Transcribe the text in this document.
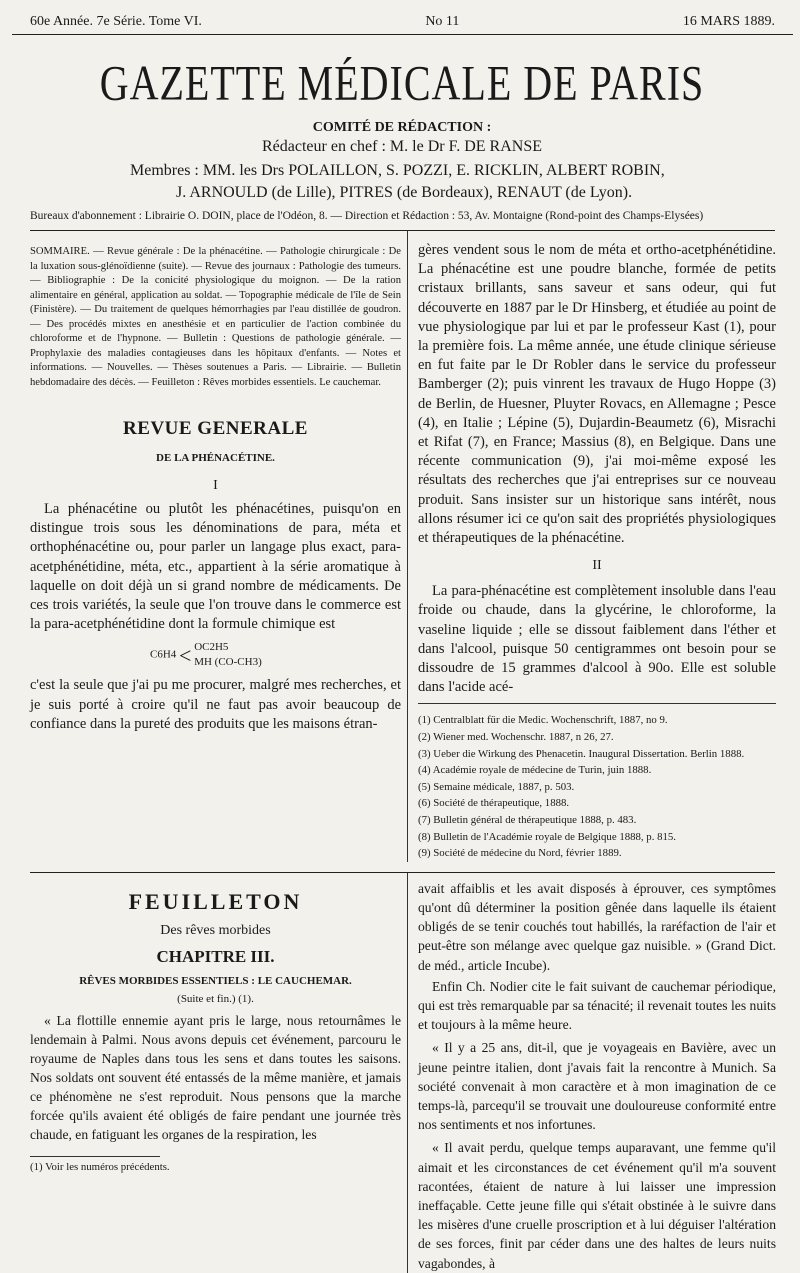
60e Année. 7e Série. Tome VI.	No 11	16 MARS 1889.
GAZETTE MÉDICALE DE PARIS
COMITÉ DE RÉDACTION :
Rédacteur en chef : M. le Dr F. DE RANSE
Membres : MM. les Drs POLAILLON, S. POZZI, E. RICKLIN, ALBERT ROBIN,
J. ARNOULD (de Lille), PITRES (de Bordeaux), RENAUT (de Lyon).
Bureaux d'abonnement : Librairie O. DOIN, place de l'Odéon, 8. — Direction et Rédaction : 53, Av. Montaigne (Rond-point des Champs-Elysées)

SOMMAIRE. — Revue générale : De la phénacétine. — Pathologie chirurgicale : De la luxation sous-glénoïdienne (suite). — Revue des journaux : Pathologie des tumeurs. — Bibliographie : De la conicité physiologique du moignon. — De la ration alimentaire en général, application au soldat. — Topographie médicale de l'île de Sein (Finistère). — Du traitement de quelques hémorrhagies par l'eau distillée de goudron. — Des procédés mixtes en anesthésie et en particulier de l'action combinée du chloroforme et de l'hypnone. — Bulletin : Questions de pathologie générale. — Prophylaxie des maladies contagieuses dans les hôpitaux d'enfants. — Notes et informations. — Nouvelles. — Thèses soutenues a Paris. — Librairie. — Bulletin hebdomadaire des décès. — Feuilleton : Rêves morbides essentiels. Le cauchemar.

REVUE GENERALE
DE LA PHÉNACÉTINE.
I

La phénacétine ou plutôt les phénacétines, puisqu'on en distingue trois sous les dénominations de para, méta et orthophénacétine ou, pour parler un langage plus exact, para-acetphénétidine, méta, etc., appartient à la série aromatique à laquelle on doit déjà un si grand nombre de médicaments. De ces trois variétés, la seule que l'on trouve dans le commerce est la para-acetphénétidine dont la formule chimique est

C6H4 < OC2H5
MH (CO-CH3)

c'est la seule que j'ai pu me procurer, malgré mes recherches, et je suis porté à croire qu'il ne faut pas avoir beaucoup de confiance dans la pureté des produits que les maisons étran-

gères vendent sous le nom de méta et ortho-acetphénétidine. La phénacétine est une poudre blanche, formée de petits cristaux brillants, sans saveur et sans odeur, qui fut découverte en 1887 par le Dr Hinsberg, et étudiée au point de vue physiologique par lui et par le professeur Kast (1), pour la première fois. La même année, une étude clinique sérieuse en fut faite par le Dr Robler dans le service du professeur Bamberger (2); puis vinrent les travaux de Hugo Hoppe (3) de Berlin, de Huesner, Pluyter Rovacs, en Allemagne ; Pesce (4), en Italie ; Lépine (5), Dujardin-Beaumetz (6), Misrachi et Rifat (7), en France; Massius (8), en Belgique. Dans une récente communication (9), j'ai moi-même exposé les résultats des recherches que j'ai entreprises sur ce nouveau produit. Sans insister sur un historique sans intérêt, nous allons résumer ici ce qu'on sait des propriétés physiologiques et thérapeutiques de la phénacétine.

II

La para-phénacétine est complètement insoluble dans l'eau froide ou chaude, dans la glycérine, le chloroforme, la vaseline liquide ; elle se dissout faiblement dans l'éther et dans l'alcool, puisque 50 centigrammes ont besoin pour se dissoudre de 15 grammes d'alcool à 90o. Elle est soluble dans l'acide acé-

(1) Centralblatt für die Medic. Wochenschrift, 1887, no 9.
(2) Wiener med. Wochenschr. 1887, n 26, 27.
(3) Ueber die Wirkung des Phenacetin. Inaugural Dissertation. Berlin 1888.
(4) Académie royale de médecine de Turin, juin 1888.
(5) Semaine médicale, 1887, p. 503.
(6) Société de thérapeutique, 1888.
(7) Bulletin général de thérapeutique 1888, p. 483.
(8) Bulletin de l'Académie royale de Belgique 1888, p. 815.
(9) Société de médecine du Nord, février 1889.
FEUILLETON
Des rêves morbides
CHAPITRE III.
RÊVES MORBIDES ESSENTIELS : LE CAUCHEMAR.
(Suite et fin.) (1).

« La flottille ennemie ayant pris le large, nous retournâmes le lendemain à Palmi. Nous avons depuis cet événement, parcouru le royaume de Naples dans tous les sens et dans toutes les saisons. Nos soldats ont souvent été entassés de la même manière, et jamais ce phénomène ne s'est reproduit. Nous pensons que la marche forcée qu'ils avaient été obligés de faire pendant une journée très chaude, en fatiguant les organes de la respiration, les

(1) Voir les numéros précédents.

avait affaiblis et les avait disposés à éprouver, ces symptômes qu'ont dû déterminer la position gênée dans laquelle ils étaient obligés de se tenir couchés tout habillés, la raréfaction de l'air et peut-être son mélange avec quelque gaz nuisible. » (Grand Dict. de méd., article Incube).

Enfin Ch. Nodier cite le fait suivant de cauchemar périodique, qui est très remarquable par sa ténacité; il revenait toutes les nuits et toujours à la même heure.

« Il y a 25 ans, dit-il, que je voyageais en Bavière, avec un jeune peintre italien, dont j'avais fait la rencontre à Munich. Sa société convenait à mon caractère et à mon imagination de ce temps-là, parcequ'il se trouvait une douloureuse conformité entre nos sentiments et nos infortunes.

« Il avait perdu, quelque temps auparavant, une femme qu'il aimait et les circonstances de cet événement qu'il m'a souvent racontées, étaient de nature à lui laisser une impression ineffaçable. Cette jeune fille qui s'était obstinée à le suivre dans les misères d'une cruelle proscription et à lui déguiser l'altération de ses forces, finit par céder dans une des haltes de leurs nuits vagabondes, à
